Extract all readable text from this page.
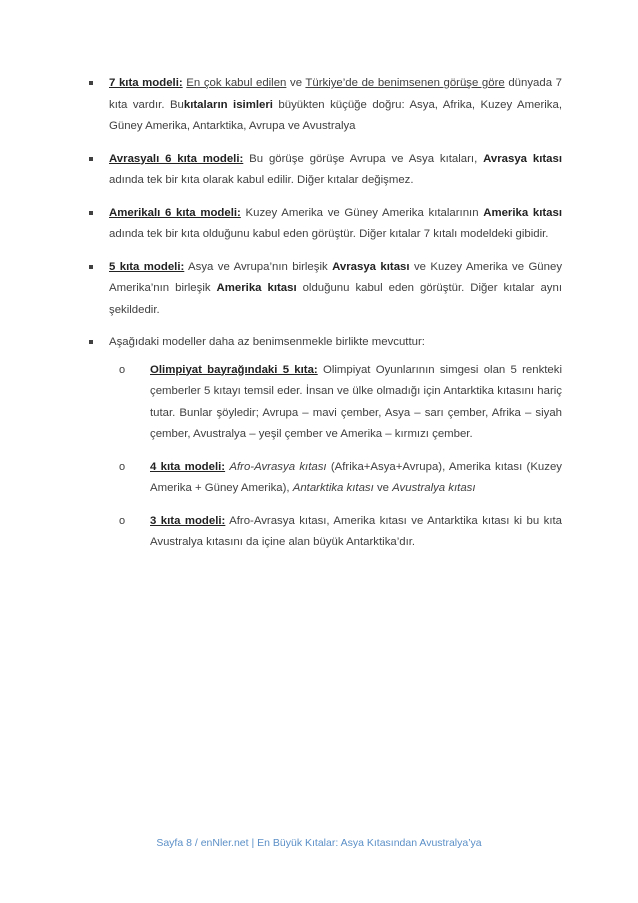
7 kıta modeli: En çok kabul edilen ve Türkiye’de de benimsenen görüşe göre dünyada 7 kıta vardır. Bukıtaların isimleri büyükten küçüğe doğru: Asya, Afrika, Kuzey Amerika, Güney Amerika, Antarktika, Avrupa ve Avustralya
Avrasyalı 6 kıta modeli: Bu görüşe görüşe Avrupa ve Asya kıtaları, Avrasya kıtası adında tek bir kıta olarak kabul edilir. Diğer kıtalar değişmez.
Amerikalı 6 kıta modeli: Kuzey Amerika ve Güney Amerika kıtalarının Amerika kıtası adında tek bir kıta olduğunu kabul eden görüştür. Diğer kıtalar 7 kıtalı modeldeki gibidir.
5 kıta modeli: Asya ve Avrupa’nın birleşik Avrasya kıtası ve Kuzey Amerika ve Güney Amerika’nın birleşik Amerika kıtası olduğunu kabul eden görüştür. Diğer kıtalar aynı şekildedir.
Aşağıdaki modeller daha az benimsenmekle birlikte mevcuttur:
o Olimpiyat bayrağındaki 5 kıta: Olimpiyat Oyunlarının simgesi olan 5 renkteki çemberler 5 kıtayı temsil eder. İnsan ve ülke olmadığı için Antarktika kıtasını hariç tutar. Bunlar şöyledir; Avrupa – mavi çember, Asya – sarı çember, Afrika – siyah çember, Avustralya – yeşil çember ve Amerika – kırmızı çember.
o 4 kıta modeli: Afro-Avrasya kıtası (Afrika+Asya+Avrupa), Amerika kıtası (Kuzey Amerika + Güney Amerika), Antarktika kıtası ve Avustralya kıtası
o 3 kıta modeli: Afro-Avrasya kıtası, Amerika kıtası ve Antarktika kıtası ki bu kıta Avustralya kıtasını da içine alan büyük Antarktika’dır.
Sayfa 8 / enNler.net | En Büyük Kıtalar: Asya Kıtasından Avustralya’ya
